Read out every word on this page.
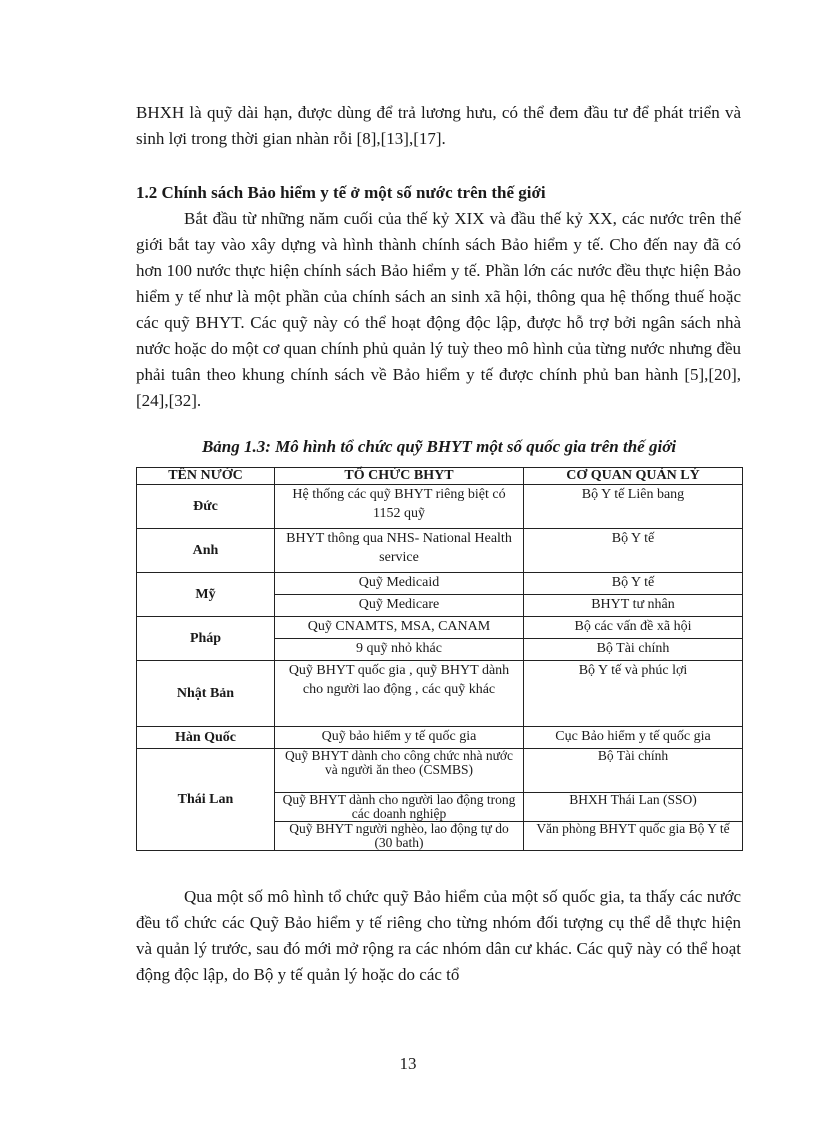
BHXH là quỹ dài hạn, được dùng để trả lương hưu, có thể đem đầu tư để phát triển và sinh lợi trong thời gian nhàn rỗi [8],[13],[17].

1.2 Chính sách Bảo hiểm y tế ở một số nước trên thế giới

Bắt đầu từ những năm cuối của thế kỷ XIX và đầu thế kỷ XX, các nước trên thế giới bắt tay vào xây dựng và hình thành chính sách Bảo hiểm y tế. Cho đến nay đã có hơn 100 nước thực hiện chính sách Bảo hiểm y tế. Phần lớn các nước đều thực hiện Bảo hiểm y tế như là một phần của chính sách an sinh xã hội, thông qua hệ thống thuế hoặc các quỹ BHYT. Các quỹ này có thể hoạt động độc lập, được hỗ trợ bởi ngân sách nhà nước hoặc do một cơ quan chính phủ quản lý tuỳ theo mô hình của từng nước nhưng đều phải tuân theo khung chính sách về Bảo hiểm y tế được chính phủ ban hành [5],[20],[24],[32].

Bảng 1.3: Mô hình tổ chức quỹ BHYT một số quốc gia trên thế giới

TÊN NƯỚC	TỔ CHỨC BHYT	CƠ QUAN QUẢN LÝ
Đức	Hệ thống các quỹ BHYT riêng biệt có 1152 quỹ	Bộ Y tế Liên bang
Anh	BHYT thông qua NHS- National Health service	Bộ Y tế
Mỹ	Quỹ Medicaid	Bộ Y tế
	Quỹ Medicare	BHYT tư nhân
Pháp	Quỹ CNAMTS, MSA, CANAM	Bộ các vấn đề xã hội
	9 quỹ nhỏ khác	Bộ Tài chính
Nhật Bản	Quỹ BHYT quốc gia , quỹ BHYT dành cho người lao động , các quỹ khác	Bộ Y tế và phúc lợi
Hàn Quốc	Quỹ bảo hiểm y tế quốc gia	Cục Bảo hiểm y tế quốc gia
Thái Lan	Quỹ BHYT dành cho công chức nhà nước và người ăn theo (CSMBS)	Bộ Tài chính
	Quỹ BHYT dành cho người lao động trong các doanh nghiệp	BHXH Thái Lan (SSO)
	Quỹ BHYT người nghèo, lao động tự do (30 bath)	Văn phòng BHYT quốc gia Bộ Y tế

Qua một số mô hình tổ chức quỹ Bảo hiểm của một số quốc gia, ta thấy các nước đều tổ chức các Quỹ Bảo hiểm y tế riêng cho từng nhóm đối tượng cụ thể dễ thực hiện và quản lý trước, sau đó mới mở rộng ra các nhóm dân cư khác. Các quỹ này có thể hoạt động độc lập, do Bộ y tế quản lý hoặc do các tổ

13
